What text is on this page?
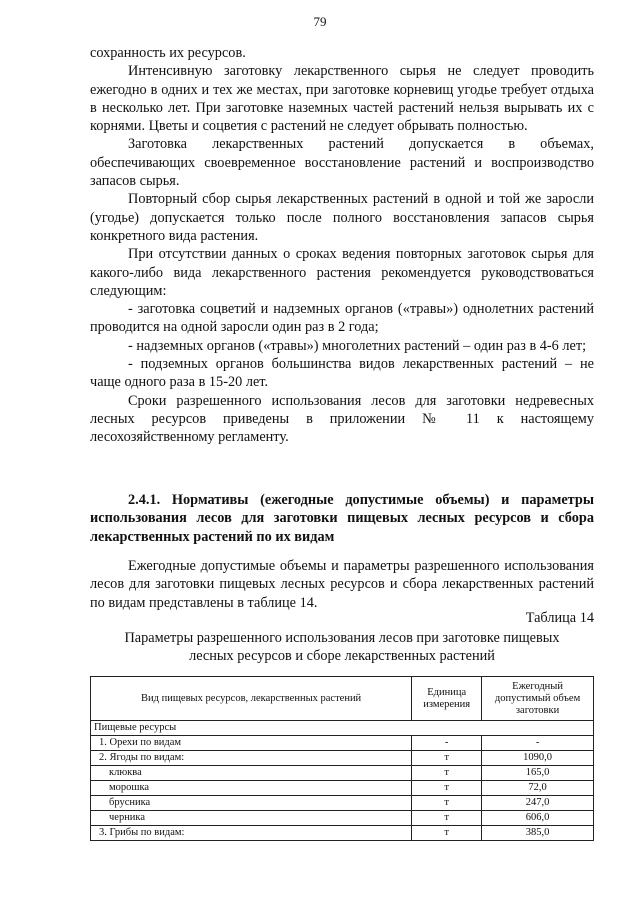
79

сохранность их ресурсов.

Интенсивную заготовку лекарственного сырья не следует проводить ежегодно в одних и тех же местах, при заготовке корневищ угодье требует отдыха в несколько лет. При заготовке наземных частей растений нельзя вырывать их с корнями. Цветы и соцветия с растений не следует обрывать полностью.

Заготовка лекарственных растений допускается в объемах, обеспечивающих своевременное восстановление растений и воспроизводство запасов сырья.

Повторный сбор сырья лекарственных растений в одной и той же заросли (угодье) допускается только после полного восстановления запасов сырья конкретного вида растения.

При отсутствии данных о сроках ведения повторных заготовок сырья для какого-либо вида лекарственного растения рекомендуется руководствоваться следующим:

- заготовка соцветий и надземных органов («травы») однолетних растений проводится на одной заросли один раз в 2 года;

- надземных органов («травы») многолетних растений – один раз в 4-6 лет;

- подземных органов большинства видов лекарственных растений – не чаще одного раза в 15-20 лет.

Сроки разрешенного использования лесов для заготовки недревесных лесных ресурсов приведены в приложении № 11 к настоящему лесохозяйственному регламенту.

2.4.1. Нормативы (ежегодные допустимые объемы) и параметры использования лесов для заготовки пищевых лесных ресурсов и сбора лекарственных растений по их видам
Ежегодные допустимые объемы и параметры разрешенного использования лесов для заготовки пищевых лесных ресурсов и сбора лекарственных растений по видам представлены в таблице 14.
Таблица 14
Параметры разрешенного использования лесов при заготовке пищевых лесных ресурсов и сборе лекарственных растений
Вид пищевых ресурсов, лекарственных растений	Единица измерения	Ежегодный допустимый объем заготовки
Пищевые ресурсы		
1. Орехи по видам	-	-
2. Ягоды по видам:	т	1090,0
клюква	т	165,0
морошка	т	72,0
брусника	т	247,0
черника	т	606,0
3. Грибы по видам:	т	385,0
